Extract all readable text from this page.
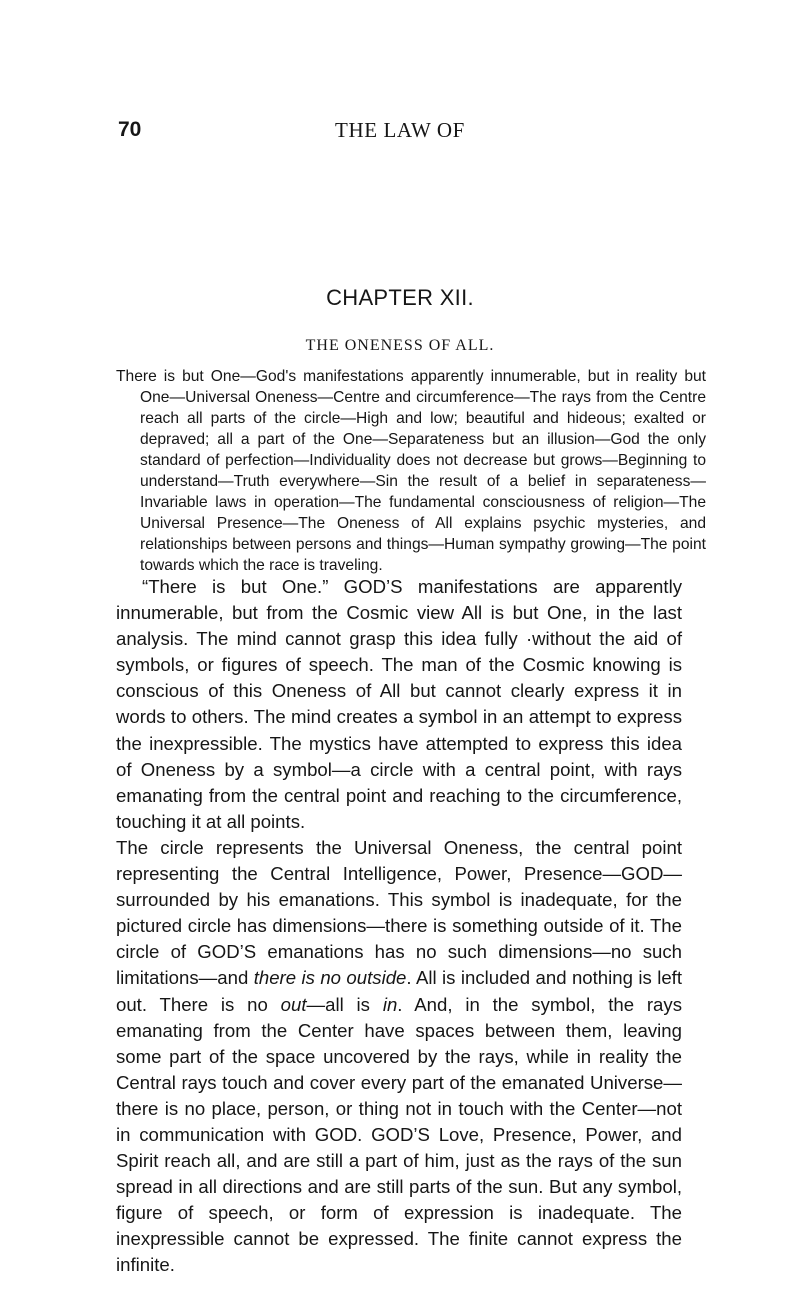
70	THE LAW OF
CHAPTER XII.
THE ONENESS OF ALL.
There is but One—God's manifestations apparently innumerable, but in reality but One—Universal Oneness—Centre and circumference—The rays from the Centre reach all parts of the circle—High and low; beautiful and hideous; exalted or depraved; all a part of the One—Separateness but an illusion—God the only standard of perfection—Individuality does not decrease but grows—Beginning to understand—Truth everywhere—Sin the result of a belief in separateness—Invariable laws in operation—The fundamental consciousness of religion—The Universal Presence—The Oneness of All explains psychic mysteries, and relationships between persons and things—Human sympathy growing—The point towards which the race is traveling.

“There is but One.” GOD’S manifestations are apparently innumerable, but from the Cosmic view All is but One, in the last analysis. The mind cannot grasp this idea fully ·without the aid of symbols, or figures of speech. The man of the Cosmic knowing is conscious of this Oneness of All but cannot clearly express it in words to others. The mind creates a symbol in an attempt to express the inexpressible. The mystics have attempted to express this idea of Oneness by a symbol—a circle with a central point, with rays emanating from the central point and reaching to the circumference, touching it at all points.

The circle represents the Universal Oneness, the central point representing the Central Intelligence, Power, Presence—GOD—surrounded by his emanations. This symbol is inadequate, for the pictured circle has dimensions—there is something outside of it. The circle of GOD’S emanations has no such dimensions—no such limitations—and there is no outside. All is included and nothing is left out. There is no out—all is in. And, in the symbol, the rays emanating from the Center have spaces between them, leaving some part of the space uncovered by the rays, while in reality the Central rays touch and cover every part of the emanated Universe—there is no place, person, or thing not in touch with the Center—not in communication with GOD. GOD’S Love, Presence, Power, and Spirit reach all, and are still a part of him, just as the rays of the sun spread in all directions and are still parts of the sun. But any symbol, figure of speech, or form of expression is inadequate. The inexpressible cannot be expressed. The finite cannot express the infinite.
